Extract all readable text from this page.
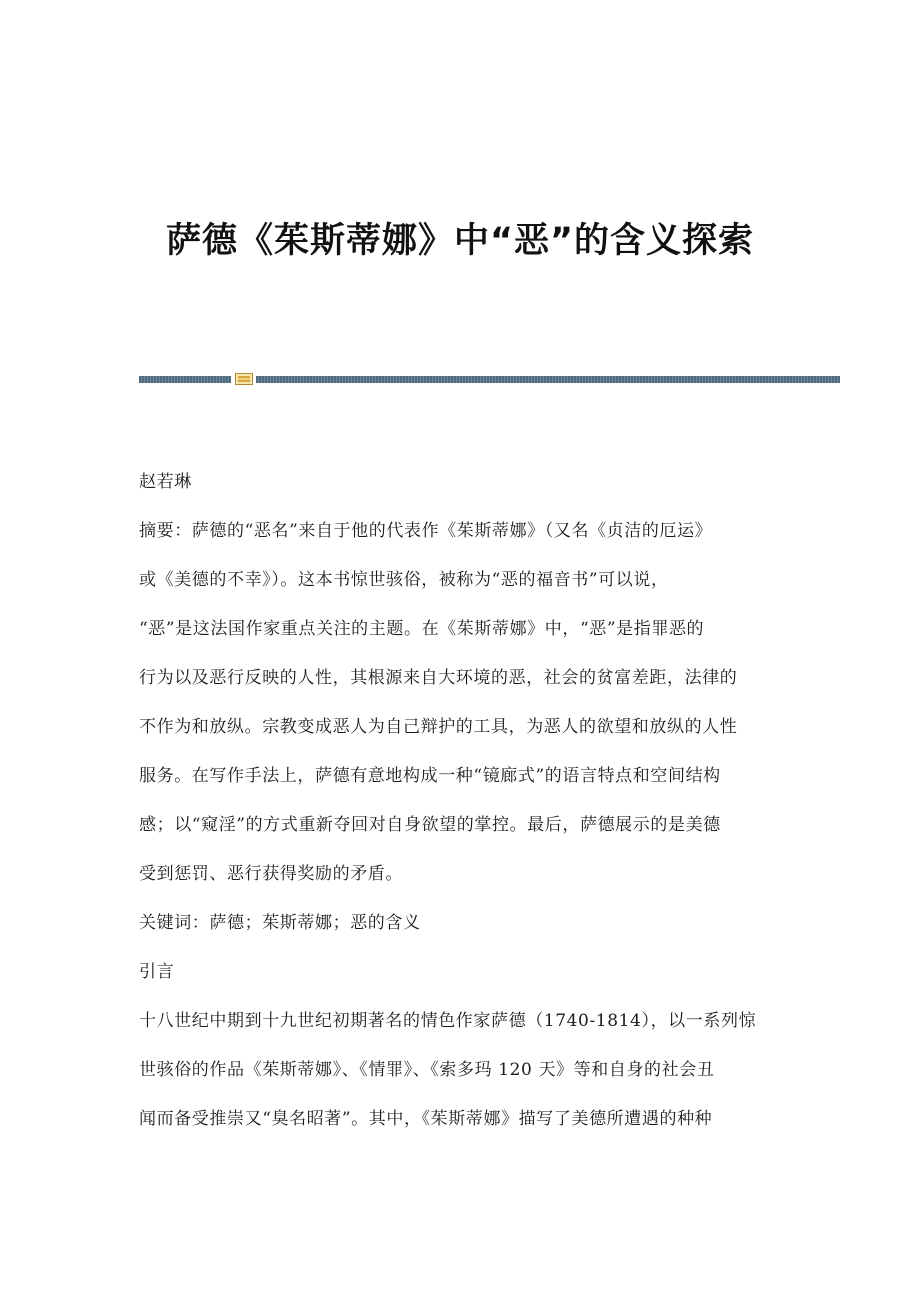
萨德《茱斯蒂娜》中“恶”的含义探索

赵若琳

摘要：萨德的“恶名”来自于他的代表作《茱斯蒂娜》（又名《贞洁的厄运》

或《美德的不幸》）。这本书惊世骇俗，被称为“恶的福音书”可以说，

“恶”是这法国作家重点关注的主题。在《茱斯蒂娜》中，“恶”是指罪恶的

行为以及恶行反映的人性，其根源来自大环境的恶，社会的贫富差距，法律的

不作为和放纵。宗教变成恶人为自己辩护的工具，为恶人的欲望和放纵的人性

服务。在写作手法上，萨德有意地构成一种“镜廊式”的语言特点和空间结构

感；以“窥淫”的方式重新夺回对自身欲望的掌控。最后，萨德展示的是美德

受到惩罚、恶行获得奖励的矛盾。

关键词：萨德；茱斯蒂娜；恶的含义

引言

十八世纪中期到十九世纪初期著名的情色作家萨德（1740-1814），以一系列惊

世骇俗的作品《茱斯蒂娜》、《情罪》、《索多玛 120 天》等和自身的社会丑

闻而备受推崇又“臭名昭著”。其中，《茱斯蒂娜》描写了美德所遭遇的种种
